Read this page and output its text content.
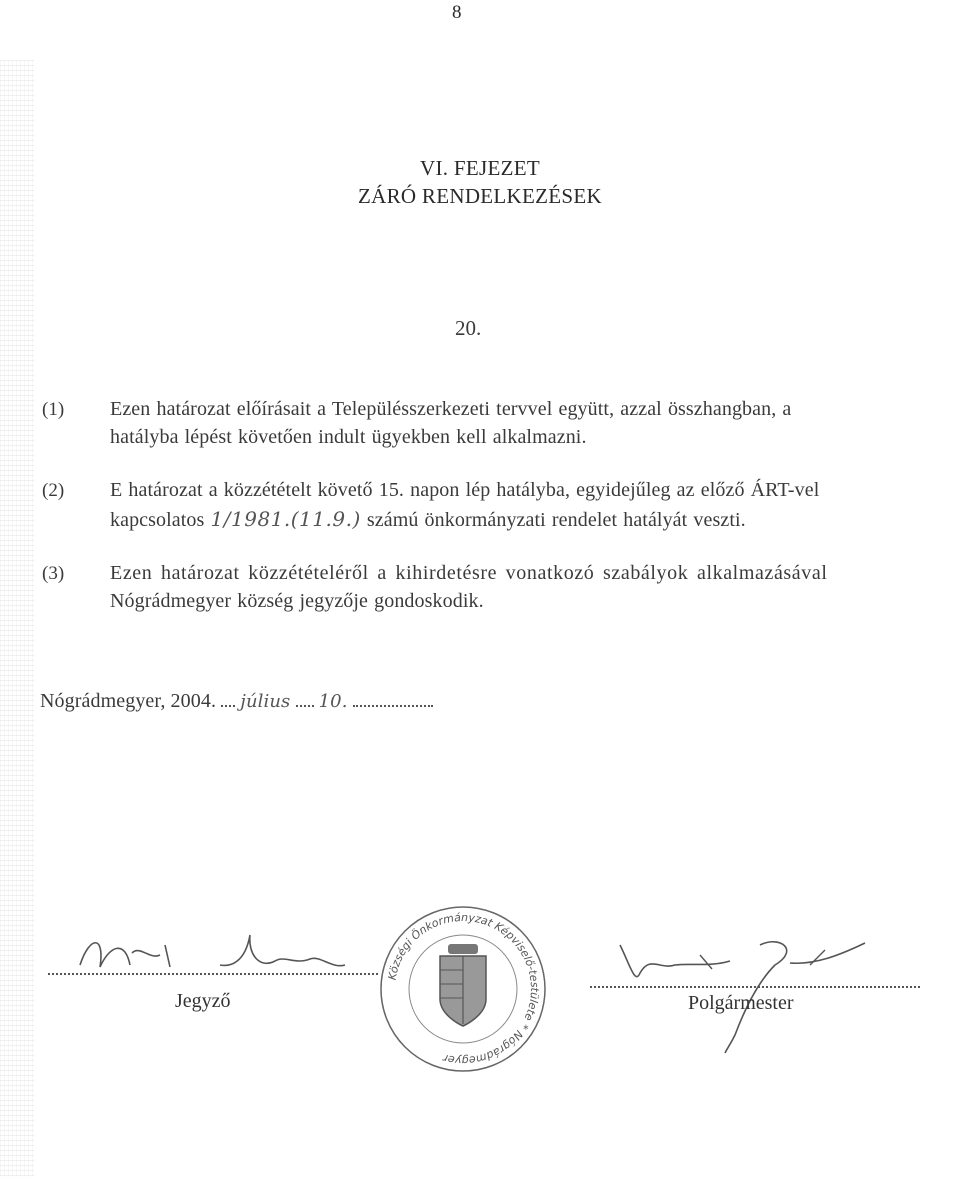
8
VI. FEJEZET
ZÁRÓ RENDELKEZÉSEK
20.
(1) Ezen határozat előírásait a Településszerkezeti tervvel együtt, azzal összhangban, a
hatályba lépést követően indult ügyekben kell alkalmazni.
(2) E határozat a közzétételt követő 15. napon lép hatályba, egyidejűleg az előző ÁRT-vel
kapcsolatos 1/1981.(11.9.) számú önkormányzati rendelet hatályát veszti.
(3) Ezen határozat közzétételéről a kihirdetésre vonatkozó szabályok alkalmazásával
Nógrádmegyer község jegyzője gondoskodik.
Nógrádmegyer, 2004. július 10.
Jegyző
Községi Önkormányzat Képviselő-testülete * Nógrádmegyer
Polgármester
